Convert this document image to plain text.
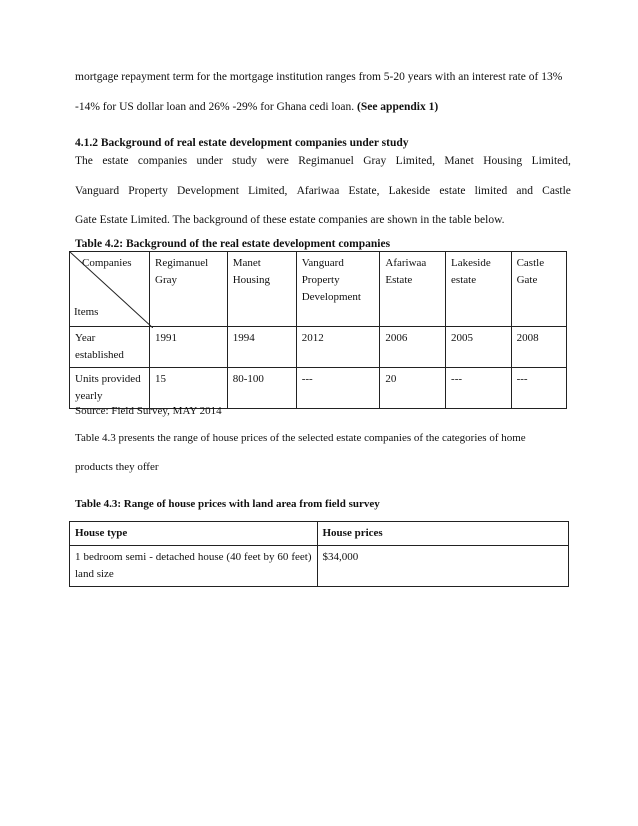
mortgage repayment term for the mortgage institution ranges from 5-20 years with an interest rate of 13%
-14% for US dollar loan and 26% -29% for Ghana cedi loan. (See appendix 1)
4.1.2 Background of real estate development companies under study
The estate companies under study were Regimanuel Gray Limited, Manet Housing Limited,
Vanguard Property Development Limited, Afariwaa Estate, Lakeside estate limited and Castle
Gate Estate Limited. The background of these estate companies are shown in the table below.
Table 4.2: Background of the real estate development companies
Companies
Items	Regimanuel Gray	Manet Housing	Vanguard Property Development	Afariwaa Estate	Lakeside estate	Castle Gate
Year established	1991	1994	2012	2006	2005	2008
Units provided yearly	15	80-100	---	20	---	---
Source: Field Survey, MAY 2014
Table 4.3 presents the range of house prices of the selected estate companies of the categories of home
products they offer
Table 4.3: Range of house prices with land area from field survey
House type	House prices
1 bedroom semi - detached house (40 feet by 60 feet) land size	$34,000
